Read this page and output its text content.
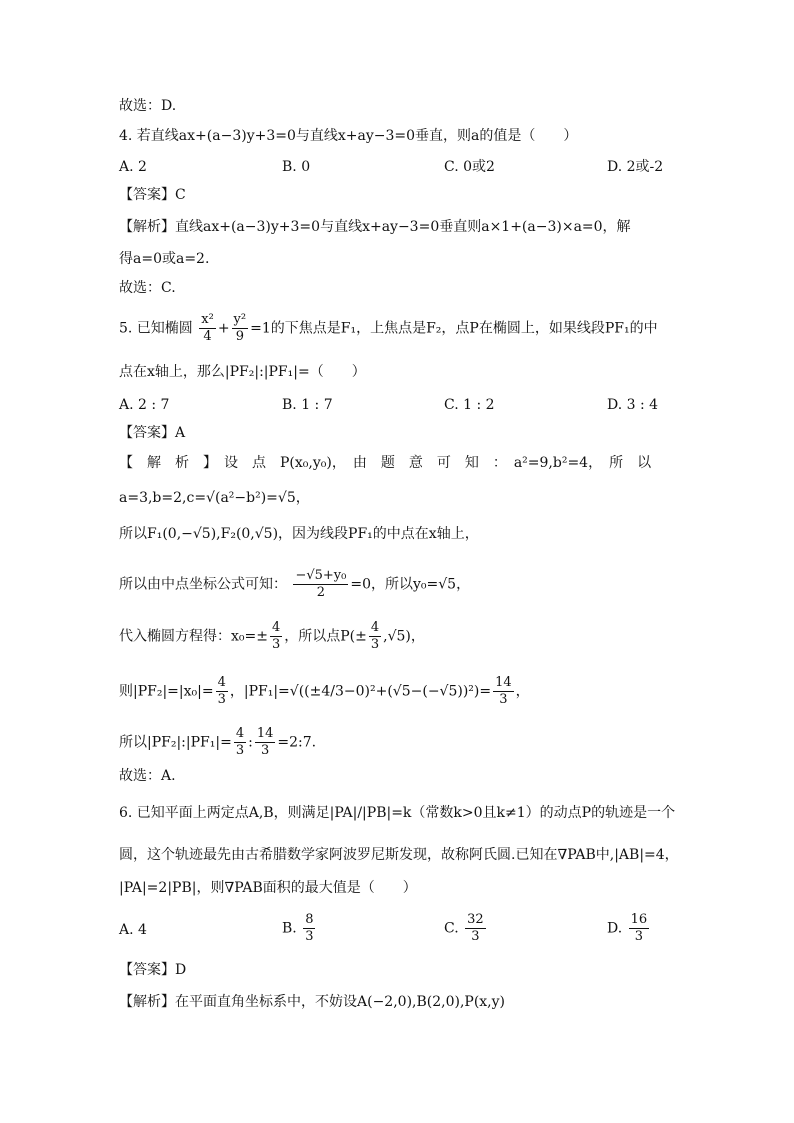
故选：D.
4. 若直线ax+(a−3)y+3=0与直线x+ay−3=0垂直，则a的值是（　　）
A. 2	B. 0	C. 0或2	D. 2或-2
【答案】C
【解析】直线ax+(a−3)y+3=0与直线x+ay−3=0垂直则a×1+(a−3)×a=0，解
得a=0或a=2.
故选：C.
5. 已知椭圆 $\frac{\text{x²}}{4} + \frac{\text{y²}}{9} =1$的下焦点是F₁，上焦点是F₂，点P在椭圆上，如果线段PF₁的中
点在x轴上，那么|PF₂|:|PF₁|=（　　）
A. 2 : 7	B. 1 : 7	C. 1 : 2	D. 3 : 4
【答案】A
【　解　析　】　设　点　P(x₀,y₀)，　由　题　意　可　知　：　a²=9,b²=4，　所　以
a=3,b=2,c=√(a²−b²)=√5，
所以F₁(0,−√5),F₂(0,√5)，因为线段PF₁的中点在x轴上，
所以由中点坐标公式可知： $\frac{\text{−√5+y₀}}{2} =0$，所以y₀=√5，
代入椭圆方程得：$x_0=\pm \frac{4}{3}$ ，所以点$P(\pm \frac{4}{3} ,√5)$，
则$|PF_2|=|x_0|= \frac{4}{3}$ ，$|PF_1|=√((\pm 4/3-0)^2+(√5-(-√5))^2)= \frac{14}{3}$ ，
所以|PF₂|:|PF₁|= $\frac{4}{3}$ : $\frac{14}{3}$ =2:7.
故选：A.
6. 已知平面上两定点A,B，则满足|PA|/|PB|=k（常数k>0且k≠1）的动点P的轨迹是一个
圆，这个轨迹最先由古希腊数学家阿波罗尼斯发现，故称阿氏圆.已知在∇PAB中,|AB|=4，
|PA|=2|PB|，则∇PAB面积的最大值是（　　）
A. 4	B. $\frac{8}{3}$	C. $\frac{32}{3}$	D. $\frac{16}{3}$
【答案】D
【解析】在平面直角坐标系中，不妨设A(−2,0),B(2,0),P(x,y)
